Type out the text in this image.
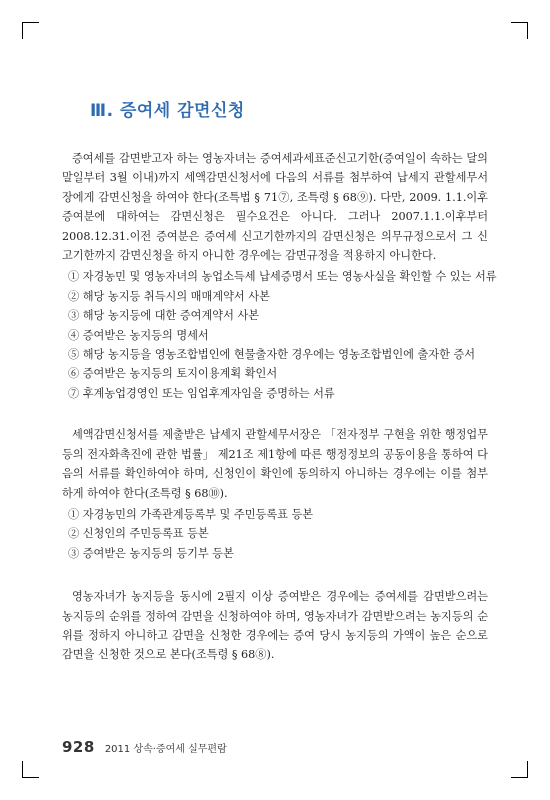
Ⅲ. 증여세 감면신청

증여세를 감면받고자 하는 영농자녀는 증여세과세표준신고기한(증여일이 속하는 달의 말일부터 3월 이내)까지 세액감면신청서에 다음의 서류를 첨부하여 납세지 관할세무서장에게 감면신청을 하여야 한다(조특법 § 71⑦, 조특령 § 68⑨). 다만, 2009. 1.1.이후 증여분에 대하여는 감면신청은 필수요건은 아니다. 그러나 2007.1.1.이후부터 2008.12.31.이전 증여분은 증여세 신고기한까지의 감면신청은 의무규정으로서 그 신고기한까지 감면신청을 하지 아니한 경우에는 감면규정을 적용하지 아니한다.

① 자경농민 및 영농자녀의 농업소득세 납세증명서 또는 영농사실을 확인할 수 있는 서류
② 해당 농지등 취득시의 매매계약서 사본
③ 해당 농지등에 대한 증여계약서 사본
④ 증여받은 농지등의 명세서
⑤ 해당 농지등을 영농조합법인에 현물출자한 경우에는 영농조합법인에 출자한 증서
⑥ 증여받은 농지등의 토지이용계획 확인서
⑦ 후계농업경영인 또는 임업후계자임을 증명하는 서류

세액감면신청서를 제출받은 납세지 관할세무서장은 「전자정부 구현을 위한 행정업무 등의 전자화촉진에 관한 법률」 제21조 제1항에 따른 행정정보의 공동이용을 통하여 다음의 서류를 확인하여야 하며, 신청인이 확인에 동의하지 아니하는 경우에는 이를 첨부하게 하여야 한다(조특령 § 68⑩).

① 자경농민의 가족관계등록부 및 주민등록표 등본
② 신청인의 주민등록표 등본
③ 증여받은 농지등의 등기부 등본

영농자녀가 농지등을 동시에 2필지 이상 증여받은 경우에는 증여세를 감면받으려는 농지등의 순위를 정하여 감면을 신청하여야 하며, 영농자녀가 감면받으려는 농지등의 순위를 정하지 아니하고 감면을 신청한 경우에는 증여 당시 농지등의 가액이 높은 순으로 감면을 신청한 것으로 본다(조특령 § 68⑧).

928 2011 상속·증여세 실무편람
